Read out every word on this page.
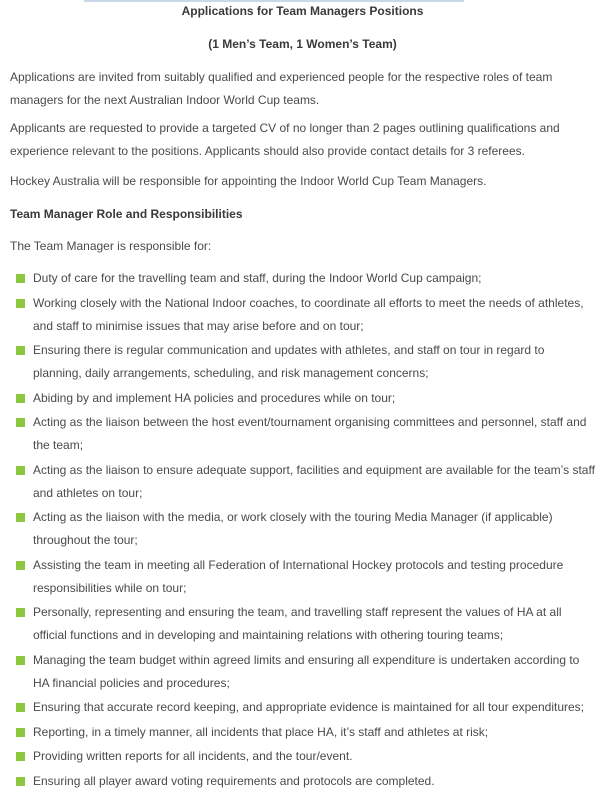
Applications for Team Managers Positions
(1 Men’s Team, 1 Women’s Team)

Applications are invited from suitably qualified and experienced people for the respective roles of team managers for the next Australian Indoor World Cup teams.

Applicants are requested to provide a targeted CV of no longer than 2 pages outlining qualifications and experience relevant to the positions. Applicants should also provide contact details for 3 referees.

Hockey Australia will be responsible for appointing the Indoor World Cup Team Managers.

Team Manager Role and Responsibilities

The Team Manager is responsible for:

Duty of care for the travelling team and staff, during the Indoor World Cup campaign;
Working closely with the National Indoor coaches, to coordinate all efforts to meet the needs of athletes, and staff to minimise issues that may arise before and on tour;
Ensuring there is regular communication and updates with athletes, and staff on tour in regard to planning, daily arrangements, scheduling, and risk management concerns;
Abiding by and implement HA policies and procedures while on tour;
Acting as the liaison between the host event/tournament organising committees and personnel, staff and the team;
Acting as the liaison to ensure adequate support, facilities and equipment are available for the team’s staff and athletes on tour;
Acting as the liaison with the media, or work closely with the touring Media Manager (if applicable) throughout the tour;
Assisting the team in meeting all Federation of International Hockey protocols and testing procedure responsibilities while on tour;
Personally, representing and ensuring the team, and travelling staff represent the values of HA at all official functions and in developing and maintaining relations with othering touring teams;
Managing the team budget within agreed limits and ensuring all expenditure is undertaken according to HA financial policies and procedures;
Ensuring that accurate record keeping, and appropriate evidence is maintained for all tour expenditures;
Reporting, in a timely manner, all incidents that place HA, it’s staff and athletes at risk;
Providing written reports for all incidents, and the tour/event.
Ensuring all player award voting requirements and protocols are completed.
